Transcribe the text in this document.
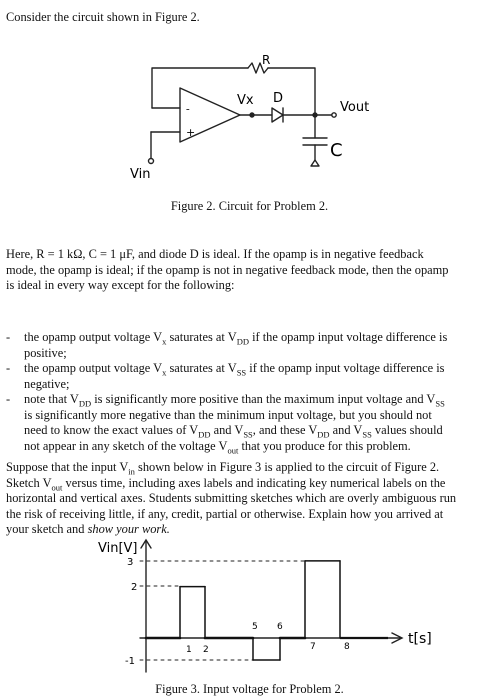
Consider the circuit shown in Figure 2.
R
Vx D
Vout
C
Vin
+
-
Figure 2. Circuit for Problem 2.
Here, R = 1 kΩ, C = 1 μF, and diode D is ideal. If the opamp is in negative feedback
mode, the opamp is ideal; if the opamp is not in negative feedback mode, then the opamp
is ideal in every way except for the following:
- the opamp output voltage $V_x$ saturates at $V_{DD}$ if the opamp input voltage difference is
positive;
- the opamp output voltage $V_x$ saturates at $V_{SS}$ if the opamp input voltage difference is
negative;
- note that $V_{DD}$ is significantly more positive than the maximum input voltage and $V_{SS}$
is significantly more negative than the minimum input voltage, but you should not
need to know the exact values of $V_{DD}$ and $V_{SS}$, and these $V_{DD}$ and $V_{SS}$ values should
not appear in any sketch of the voltage $V_{out}$ that you produce for this problem.
Suppose that the input $V_{in}$ shown below in Figure 3 is applied to the circuit of Figure 2.
Sketch $V_{out}$ versus time, including axes labels and indicating key numerical labels on the
horizontal and vertical axes. Students submitting sketches which are overly ambiguous run
the risk of receiving little, if any, credit, partial or otherwise. Explain how you arrived at
your sketch and show your work.
Vin[V]
t[s]
3
2
-1
1 2	7	8
5 6
Figure 3. Input voltage for Problem 2.
